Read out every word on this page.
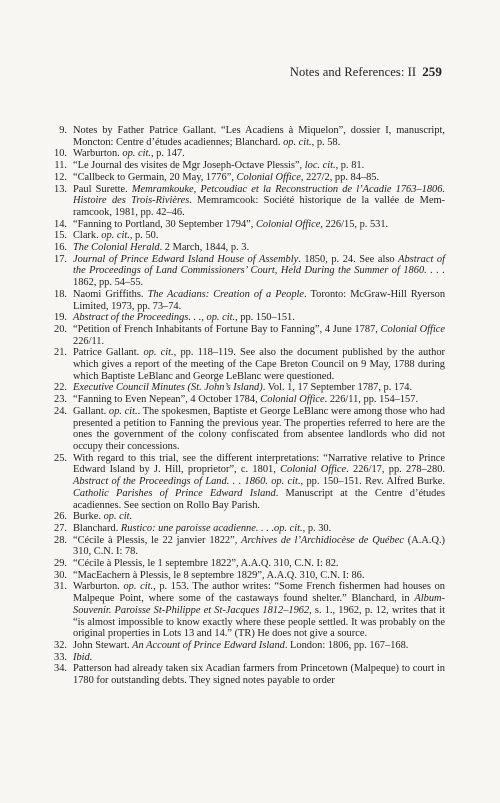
Notes and References: II 259
9. Notes by Father Patrice Gallant. “Les Acadiens à Miquelon”, dossier I, manuscript, Moncton: Centre d’études acadiennes; Blanchard. op. cit., p. 58.
10. Warburton. op. cit., p. 147.
11. “Le Journal des visites de Mgr Joseph-Octave Plessis”, loc. cit., p. 81.
12. “Callbeck to Germain, 20 May, 1776”, Colonial Office, 227/2, pp. 84–85.
13. Paul Surette. Memramkouke, Petcoudiac et la Reconstruction de l’Acadie 1763–1806. Histoire des Trois-Rivières. Memramcook: Société historique de la vallée de Memramcook, 1981, pp. 42–46.
14. “Fanning to Portland, 30 September 1794”, Colonial Office, 226/15, p. 531.
15. Clark. op. cit., p. 50.
16. The Colonial Herald. 2 March, 1844, p. 3.
17. Journal of Prince Edward Island House of Assembly. 1850, p. 24. See also Abstract of the Proceedings of Land Commissioners’ Court, Held During the Summer of 1860. . . . 1862, pp. 54–55.
18. Naomi Griffiths. The Acadians: Creation of a People. Toronto: McGraw-Hill Ryerson Limited, 1973, pp. 73–74.
19. Abstract of the Proceedings. . ., op. cit., pp. 150–151.
20. “Petition of French Inhabitants of Fortune Bay to Fanning”, 4 June 1787, Colonial Office 226/11.
21. Patrice Gallant. op. cit., pp. 118–119. See also the document published by the author which gives a report of the meeting of the Cape Breton Council on 9 May, 1788 during which Baptiste LeBlanc and George LeBlanc were questioned.
22. Executive Council Minutes (St. John’s Island). Vol. 1, 17 September 1787, p. 174.
23. “Fanning to Even Nepean”, 4 October 1784, Colonial Office. 226/11, pp. 154–157.
24. Gallant. op. cit.. The spokesmen, Baptiste et George LeBlanc were among those who had presented a petition to Fanning the previous year. The properties referred to here are the ones the government of the colony confiscated from absentee landlords who did not occupy their concessions.
25. With regard to this trial, see the different interpretations: “Narrative relative to Prince Edward Island by J. Hill, proprietor”, c. 1801, Colonial Office. 226/17, pp. 278–280. Abstract of the Proceedings of Land. . . 1860. op. cit., pp. 150–151. Rev. Alfred Burke. Catholic Parishes of Prince Edward Island. Manuscript at the Centre d’études acadiennes. See section on Rollo Bay Parish.
26. Burke. op. cit.
27. Blanchard. Rustico: une paroisse acadienne. . . .op. cit., p. 30.
28. “Cécile à Plessis, le 22 janvier 1822”, Archives de l’Archidiocèse de Québec (A.A.Q.) 310, C.N. I: 78.
29. “Cécile à Plessis, le 1 septembre 1822”, A.A.Q. 310, C.N. I: 82.
30. “MacEachern à Plessis, le 8 septembre 1829”, A.A.Q. 310, C.N. I: 86.
31. Warburton. op. cit., p. 153. The author writes: “Some French fishermen had houses on Malpeque Point, where some of the castaways found shelter.” Blanchard, in Album-Souvenir. Paroisse St-Philippe et St-Jacques 1812–1962, s. 1., 1962, p. 12, writes that it “is almost impossible to know exactly where these people settled. It was probably on the original properties in Lots 13 and 14.” (TR) He does not give a source.
32. John Stewart. An Account of Prince Edward Island. London: 1806, pp. 167–168.
33. Ibid.
34. Patterson had already taken six Acadian farmers from Princetown (Malpeque) to court in 1780 for outstanding debts. They signed notes payable to order
